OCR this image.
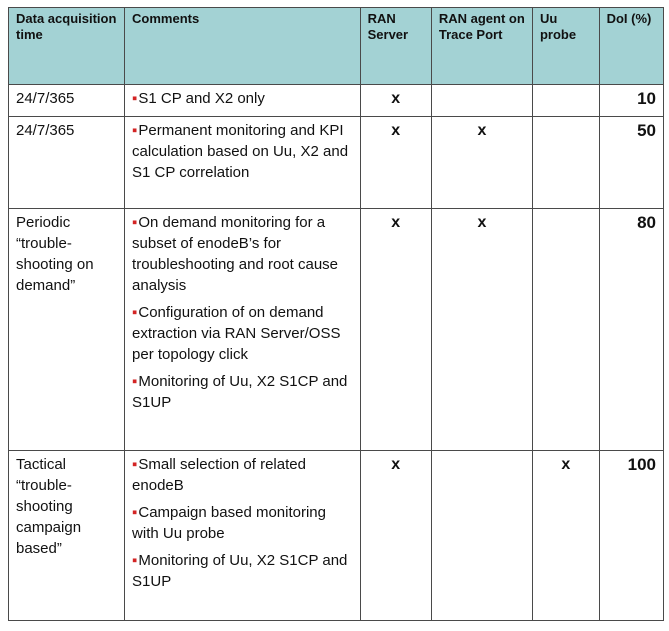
Data acquisition time	Comments	RAN Server	RAN agent on Trace Port	Uu probe	DoI (%)
24/7/365	▪S1 CP and X2 only	x			10
24/7/365	▪Permanent monitoring and KPI calculation based on Uu, X2 and S1 CP correlation	x	x		50
Periodic “trouble-shooting on demand”	▪On demand monitoring for a subset of enodeB’s for troubleshooting and root cause analysis
▪Configuration of on demand extraction via RAN Server/OSS per topology click
▪Monitoring of Uu, X2 S1CP and S1UP	x	x		80
Tactical “trouble-shooting campaign based”	▪Small selection of related enodeB
▪Campaign based monitoring with Uu probe
▪Monitoring of Uu, X2 S1CP and S1UP	x		x	100
